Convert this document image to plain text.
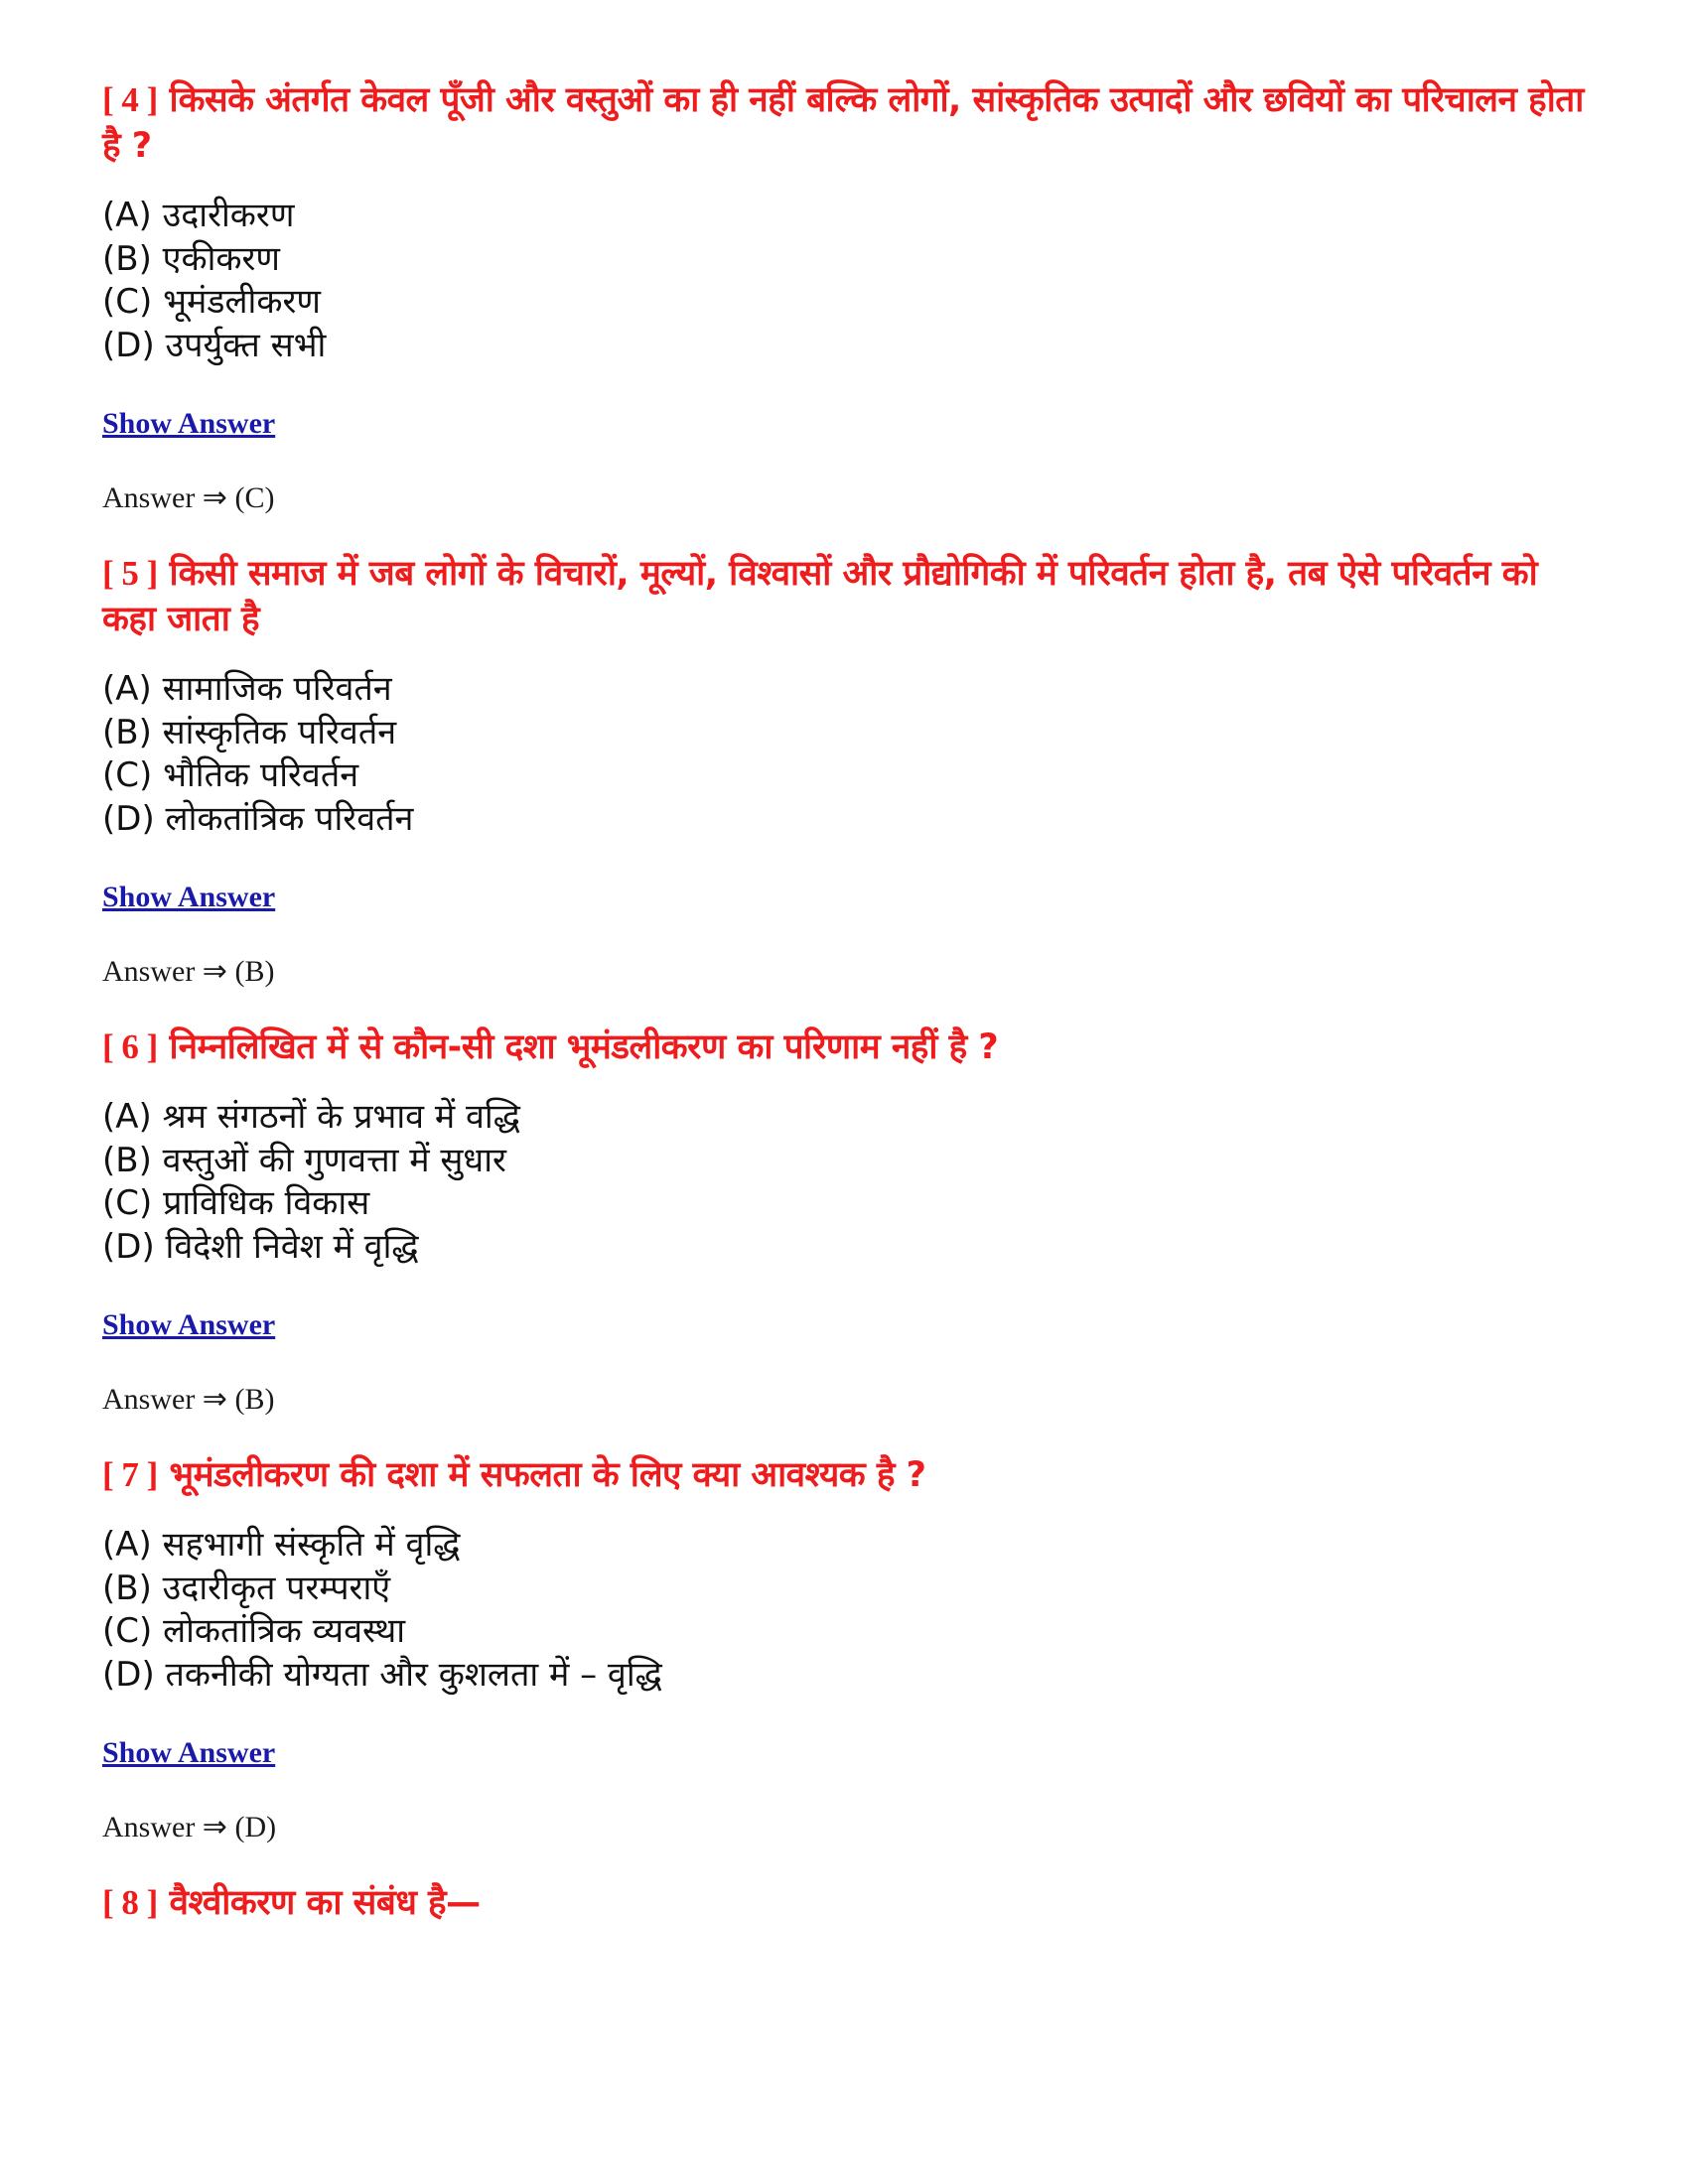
[ 4 ] किसके अंतर्गत केवल पूँजी और वस्तुओं का ही नहीं बल्कि लोगों, सांस्कृतिक उत्पादों और छवियों का परिचालन होता है ?

(A) उदारीकरण
(B) एकीकरण
(C) भूमंडलीकरण
(D) उपर्युक्त सभी
Show Answer
Answer ⇒ (C)

[ 5 ] किसी समाज में जब लोगों के विचारों, मूल्यों, विश्वासों और प्रौद्योगिकी में परिवर्तन होता है, तब ऐसे परिवर्तन को कहा जाता है

(A) सामाजिक परिवर्तन
(B) सांस्कृतिक परिवर्तन
(C) भौतिक परिवर्तन
(D) लोकतांत्रिक परिवर्तन
Show Answer
Answer ⇒ (B)

[ 6 ] निम्नलिखित में से कौन-सी दशा भूमंडलीकरण का परिणाम नहीं है ?

(A) श्रम संगठनों के प्रभाव में वद्धि
(B) वस्तुओं की गुणवत्ता में सुधार
(C) प्राविधिक विकास
(D) विदेशी निवेश में वृद्धि
Show Answer
Answer ⇒ (B)

[ 7 ] भूमंडलीकरण की दशा में सफलता के लिए क्या आवश्यक है ?

(A) सहभागी संस्कृति में वृद्धि
(B) उदारीकृत परम्पराएँ
(C) लोकतांत्रिक व्यवस्था
(D) तकनीकी योग्यता और कुशलता में – वृद्धि
Show Answer
Answer ⇒ (D)

[ 8 ] वैश्वीकरण का संबंध है—
